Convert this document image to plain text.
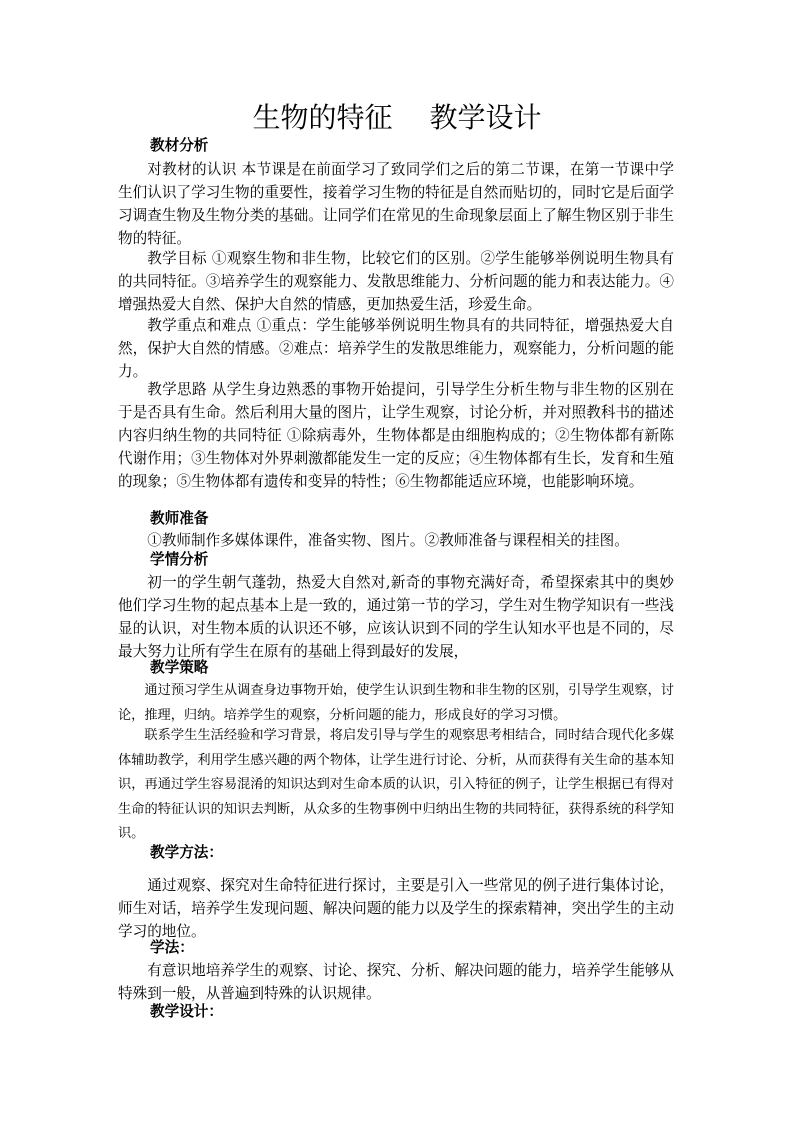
生物的特征　 教学设计
教材分析

对教材的认识 本节课是在前面学习了致同学们之后的第二节课，在第一节课中学生们认识了学习生物的重要性，接着学习生物的特征是自然而贴切的，同时它是后面学习调查生物及生物分类的基础。让同学们在常见的生命现象层面上了解生物区别于非生物的特征。

教学目标 ①观察生物和非生物，比较它们的区别。②学生能够举例说明生物具有的共同特征。③培养学生的观察能力、发散思维能力、分析问题的能力和表达能力。④增强热爱大自然、保护大自然的情感，更加热爱生活，珍爱生命。

教学重点和难点 ①重点：学生能够举例说明生物具有的共同特征，增强热爱大自然，保护大自然的情感。②难点：培养学生的发散思维能力，观察能力，分析问题的能力。

教学思路 从学生身边熟悉的事物开始提问，引导学生分析生物与非生物的区别在于是否具有生命。然后利用大量的图片，让学生观察，讨论分析，并对照教科书的描述内容归纳生物的共同特征 ①除病毒外，生物体都是由细胞构成的；②生物体都有新陈代谢作用；③生物体对外界刺激都能发生一定的反应；④生物体都有生长，发育和生殖的现象；⑤生物体都有遗传和变异的特性；⑥生物都能适应环境，也能影响环境。

教师准备

①教师制作多媒体课件，准备实物、图片。②教师准备与课程相关的挂图。

学情分析

初一的学生朝气蓬勃，热爱大自然对,新奇的事物充满好奇，希望探索其中的奥妙他们学习生物的起点基本上是一致的，通过第一节的学习，学生对生物学知识有一些浅显的认识，对生物本质的认识还不够，应该认识到不同的学生认知水平也是不同的，尽最大努力让所有学生在原有的基础上得到最好的发展，

教学策略

通过预习学生从调查身边事物开始，使学生认识到生物和非生物的区别，引导学生观察，讨论，推理，归纳。培养学生的观察，分析问题的能力，形成良好的学习习惯。

联系学生生活经验和学习背景，将启发引导与学生的观察思考相结合，同时结合现代化多媒体辅助教学，利用学生感兴趣的两个物体，让学生进行讨论、分析，从而获得有关生命的基本知识，再通过学生容易混淆的知识达到对生命本质的认识，引入特征的例子，让学生根据已有得对生命的特征认识的知识去判断，从众多的生物事例中归纳出生物的共同特征，获得系统的科学知识。

教学方法：

通过观察、探究对生命特征进行探讨，主要是引入一些常见的例子进行集体讨论，师生对话，培养学生发现问题、解决问题的能力以及学生的探索精神，突出学生的主动学习的地位。

学法：

有意识地培养学生的观察、讨论、探究、分析、解决问题的能力，培养学生能够从特殊到一般，从普遍到特殊的认识规律。

教学设计：
